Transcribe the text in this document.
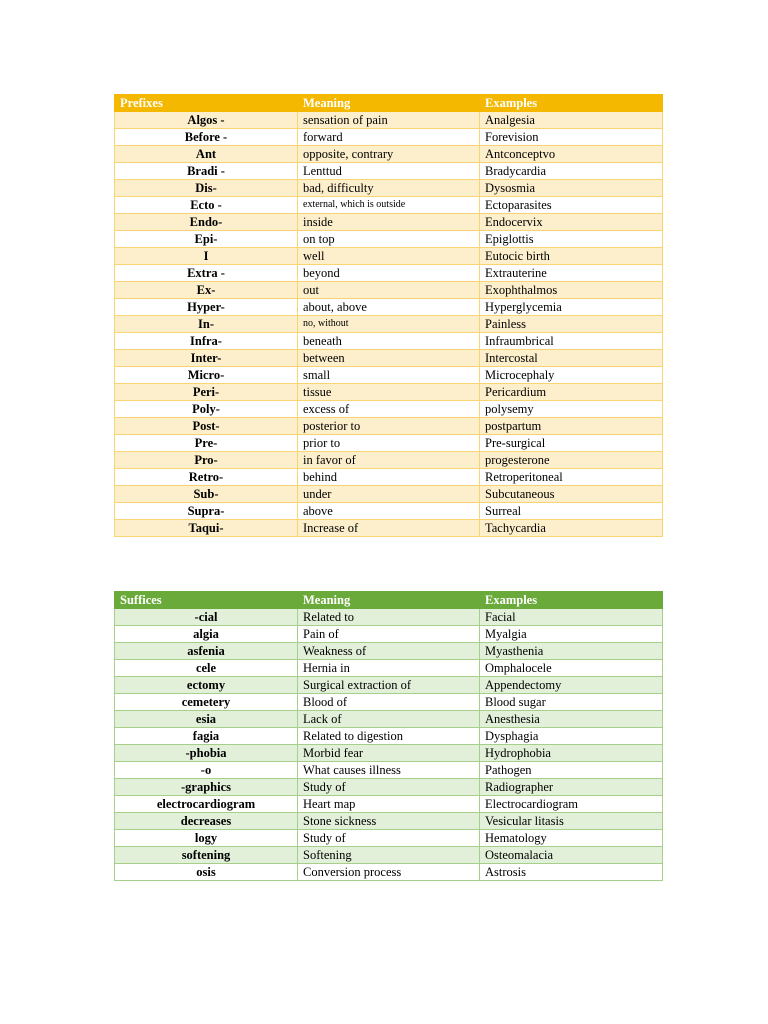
Prefixes	Meaning	Examples
Algos -	sensation of pain	Analgesia
Before -	forward	Forevision
Ant	opposite, contrary	Antconceptvo
Bradi -	Lenttud	Bradycardia
Dis-	bad, difficulty	Dysosmia
Ecto -	external, which is outside	Ectoparasites
Endo-	inside	Endocervix
Epi-	on top	Epiglottis
I	well	Eutocic birth
Extra -	beyond	Extrauterine
Ex-	out	Exophthalmos
Hyper-	about, above	Hyperglycemia
In-	no, without	Painless
Infra-	beneath	Infraumbrical
Inter-	between	Intercostal
Micro-	small	Microcephaly
Peri-	tissue	Pericardium
Poly-	excess of	polysemy
Post-	posterior to	postpartum
Pre-	prior to	Pre-surgical
Pro-	in favor of	progesterone
Retro-	behind	Retroperitoneal
Sub-	under	Subcutaneous
Supra-	above	Surreal
Taqui-	Increase of	Tachycardia
Suffices	Meaning	Examples
-cial	Related to	Facial
algia	Pain of	Myalgia
asfenia	Weakness of	Myasthenia
cele	Hernia in	Omphalocele
ectomy	Surgical extraction of	Appendectomy
cemetery	Blood of	Blood sugar
esia	Lack of	Anesthesia
fagia	Related to digestion	Dysphagia
-phobia	Morbid fear	Hydrophobia
-o	What causes illness	Pathogen
-graphics	Study of	Radiographer
electrocardiogram	Heart map	Electrocardiogram
decreases	Stone sickness	Vesicular litasis
logy	Study of	Hematology
softening	Softening	Osteomalacia
osis	Conversion process	Astrosis
